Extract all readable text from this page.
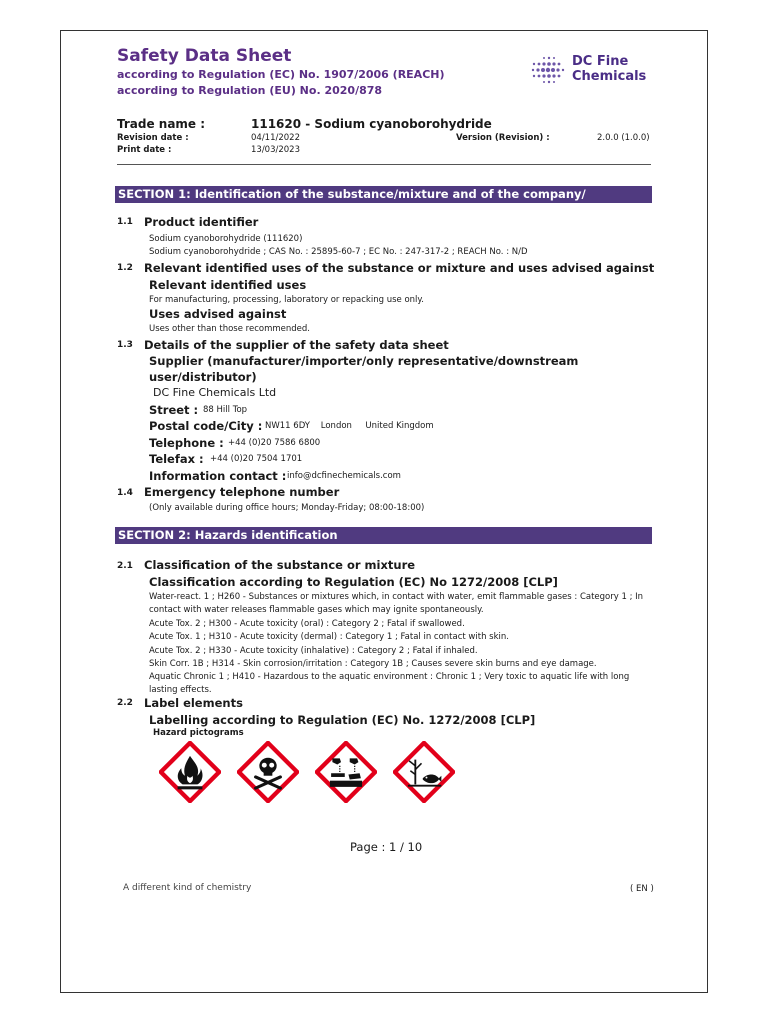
Safety Data Sheet
according to Regulation (EC) No. 1907/2006 (REACH)
according to Regulation (EU) No. 2020/878
DC Fine
Chemicals
Trade name :	111620 - Sodium cyanoborohydride
Revision date :	04/11/2022
Print date :	13/03/2023
Version (Revision) :	2.0.0 (1.0.0)
SECTION 1: Identification of the substance/mixture and of the company/ undertaking
1.1 Product identifier
Sodium cyanoborohydride (111620)
Sodium cyanoborohydride ; CAS No. : 25895-60-7 ; EC No. : 247-317-2 ; REACH No. : N/D
1.2 Relevant identified uses of the substance or mixture and uses advised against
Relevant identified uses
For manufacturing, processing, laboratory or repacking use only.
Uses advised against
Uses other than those recommended.
1.3 Details of the supplier of the safety data sheet
Supplier (manufacturer/importer/only representative/downstream
user/distributor)
DC Fine Chemicals Ltd
Street : 88 Hill Top
Postal code/City : NW11 6DY    London     United Kingdom
Telephone : +44 (0)20 7586 6800
Telefax : +44 (0)20 7504 1701
Information contact : info@dcfinechemicals.com
1.4 Emergency telephone number
(Only available during office hours; Monday-Friday; 08:00-18:00)
SECTION 2: Hazards identification
2.1 Classification of the substance or mixture
Classification according to Regulation (EC) No 1272/2008 [CLP]
Water-react. 1 ; H260 - Substances or mixtures which, in contact with water, emit flammable gases : Category 1 ; In
contact with water releases flammable gases which may ignite spontaneously.
Acute Tox. 2 ; H300 - Acute toxicity (oral) : Category 2 ; Fatal if swallowed.
Acute Tox. 1 ; H310 - Acute toxicity (dermal) : Category 1 ; Fatal in contact with skin.
Acute Tox. 2 ; H330 - Acute toxicity (inhalative) : Category 2 ; Fatal if inhaled.
Skin Corr. 1B ; H314 - Skin corrosion/irritation : Category 1B ; Causes severe skin burns and eye damage.
Aquatic Chronic 1 ; H410 - Hazardous to the aquatic environment : Chronic 1 ; Very toxic to aquatic life with long
lasting effects.
2.2 Label elements
Labelling according to Regulation (EC) No. 1272/2008 [CLP]
Hazard pictograms
Page : 1 / 10
A different kind of chemistry	( EN )
